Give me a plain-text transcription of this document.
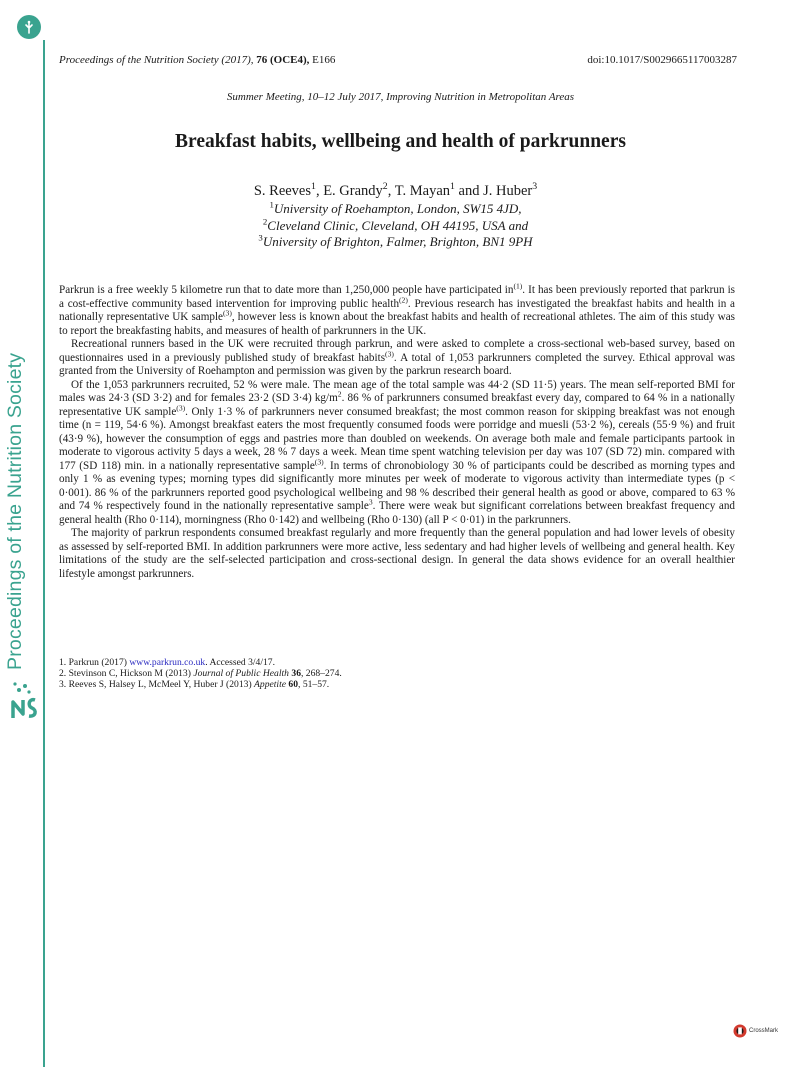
Proceedings of the Nutrition Society
Proceedings of the Nutrition Society (2017), 76 (OCE4), E166	doi:10.1017/S0029665117003287
Summer Meeting, 10–12 July 2017, Improving Nutrition in Metropolitan Areas
Breakfast habits, wellbeing and health of parkrunners
S. Reeves$^1$, E. Grandy$^2$, T. Mayan$^1$ and J. Huber$^3$
$^1$University of Roehampton, London, SW15 4JD,
$^2$Cleveland Clinic, Cleveland, OH 44195, USA and
$^3$University of Brighton, Falmer, Brighton, BN1 9PH

Parkrun is a free weekly 5 kilometre run that to date more than 1,250,000 people have participated $in^{(1)}$. It has been previously reported that parkrun is a cost-effective community based intervention for improving public health$^{(2)}$. Previous research has investigated the breakfast habits and health in a nationally representative UK sample$^{(3)}$, however less is known about the breakfast habits and health of recreational athletes. The aim of this study was to report the breakfasting habits, and measures of health of parkrunners in the UK.

Recreational runners based in the UK were recruited through parkrun, and were asked to complete a cross-sectional web-based survey, based on questionnaires used in a previously published study of breakfast habits$^{(3)}$. A total of 1,053 parkrunners completed the survey. Ethical approval was granted from the University of Roehampton and permission was given by the parkrun research board.

Of the 1,053 parkrunners recruited, 52 % were male. The mean age of the total sample was 44·2 (SD 11·5) years. The mean self-reported BMI for males was 24·3 (SD 3·2) and for females 23·2 (SD 3·4) $kg/m^2$. 86 % of parkrunners consumed breakfast every day, compared to 64 % in a nationally representative UK sample$^{(3)}$. Only 1·3 % of parkrunners never consumed breakfast; the most common reason for skipping breakfast was not enough time (n = 119, 54·6 %). Amongst breakfast eaters the most frequently consumed foods were porridge and muesli (53·2 %), cereals (55·9 %) and fruit (43·9 %), however the consumption of eggs and pastries more than doubled on weekends. On average both male and female participants partook in moderate to vigorous activity 5 days a week, 28 % 7 days a week. Mean time spent watching television per day was 107 (SD 72) min. compared with 177 (SD 118) min. in a nationally representative sample$^{(3)}$. In terms of chronobiology 30 % of participants could be described as morning types and only 1 % as evening types; morning types did significantly more minutes per week of moderate to vigorous activity than intermediate types (p < 0·001). 86 % of the parkrunners reported good psychological wellbeing and 98 % described their general health as good or above, compared to 63 % and 74 % respectively found in the nationally representative sample$^3$. There were weak but significant correlations between breakfast frequency and general health (Rho 0·114), morningness (Rho 0·142) and wellbeing (Rho 0·130) (all P < 0·01) in the parkrunners.

The majority of parkrun respondents consumed breakfast regularly and more frequently than the general population and had lower levels of obesity as assessed by self-reported BMI. In addition parkrunners were more active, less sedentary and had higher levels of wellbeing and general health. Key limitations of the study are the self-selected participation and cross-sectional design. In general the data shows evidence for an overall healthier lifestyle amongst parkrunners.

1. Parkrun (2017) www.parkrun.co.uk. Accessed 3/4/17.
2. Stevinson C, Hickson M (2013) Journal of Public Health 36, 268–274.
3. Reeves S, Halsey L, McMeel Y, Huber J (2013) Appetite 60, 51–57.
CrossMark
